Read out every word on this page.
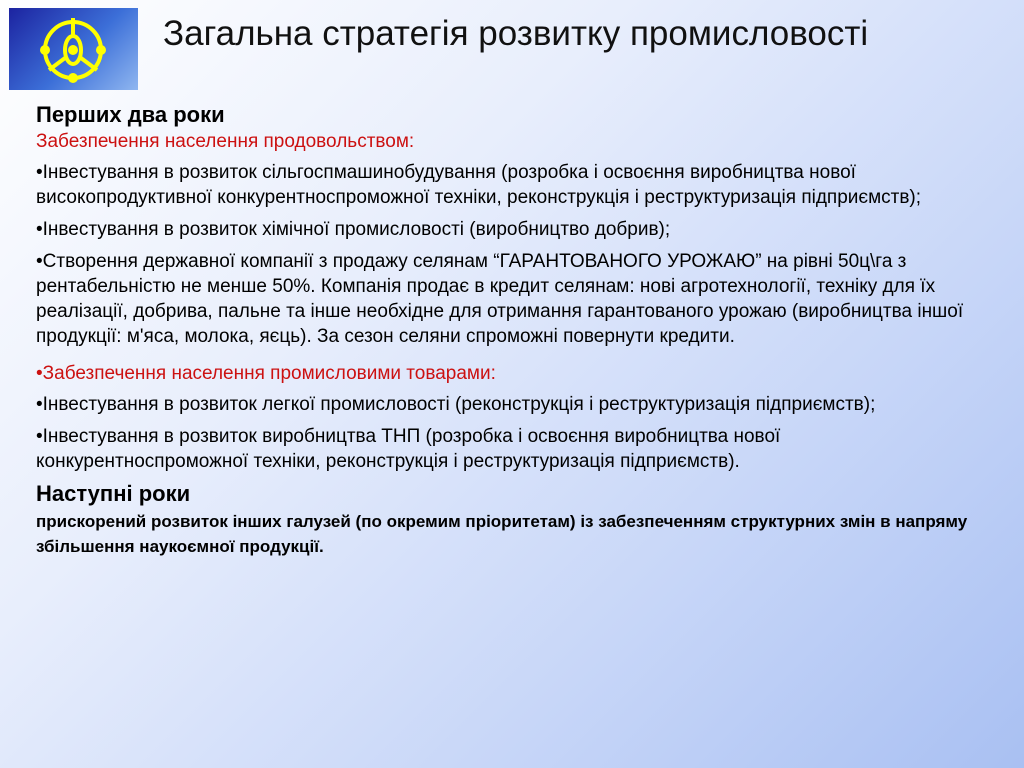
Загальна стратегія розвитку промисловості
Перших два роки
Забезпечення населення продовольством:
•Інвестування в розвиток сільгоспмашинобудування (розробка і освоєння виробництва нової високопродуктивної конкурентноспроможної техніки, реконструкція і реструктуризація підприємств);
•Інвестування в розвиток хімічної промисловості (виробництво добрив);
•Створення державної компанії з продажу селянам “ГАРАНТОВАНОГО УРОЖАЮ” на рівні 50ц\га з рентабельністю не менше 50%. Компанія продає в кредит селянам: нові агротехнології, техніку для їх реалізації, добрива, пальне та інше необхідне для отримання гарантованого урожаю (виробництва іншої продукції: м'яса, молока, яєць). За сезон селяни спроможні повернути кредити.
•Забезпечення населення промисловими товарами:
•Інвестування в розвиток легкої промисловості (реконструкція і реструктуризація підприємств);
•Інвестування в розвиток виробництва ТНП (розробка і освоєння виробництва нової конкурентноспроможної техніки, реконструкція і реструктуризація підприємств).
Наступні роки
прискорений розвиток інших галузей (по окремим пріоритетам) із забезпеченням структурних змін в напряму збільшення наукоємної продукції.
